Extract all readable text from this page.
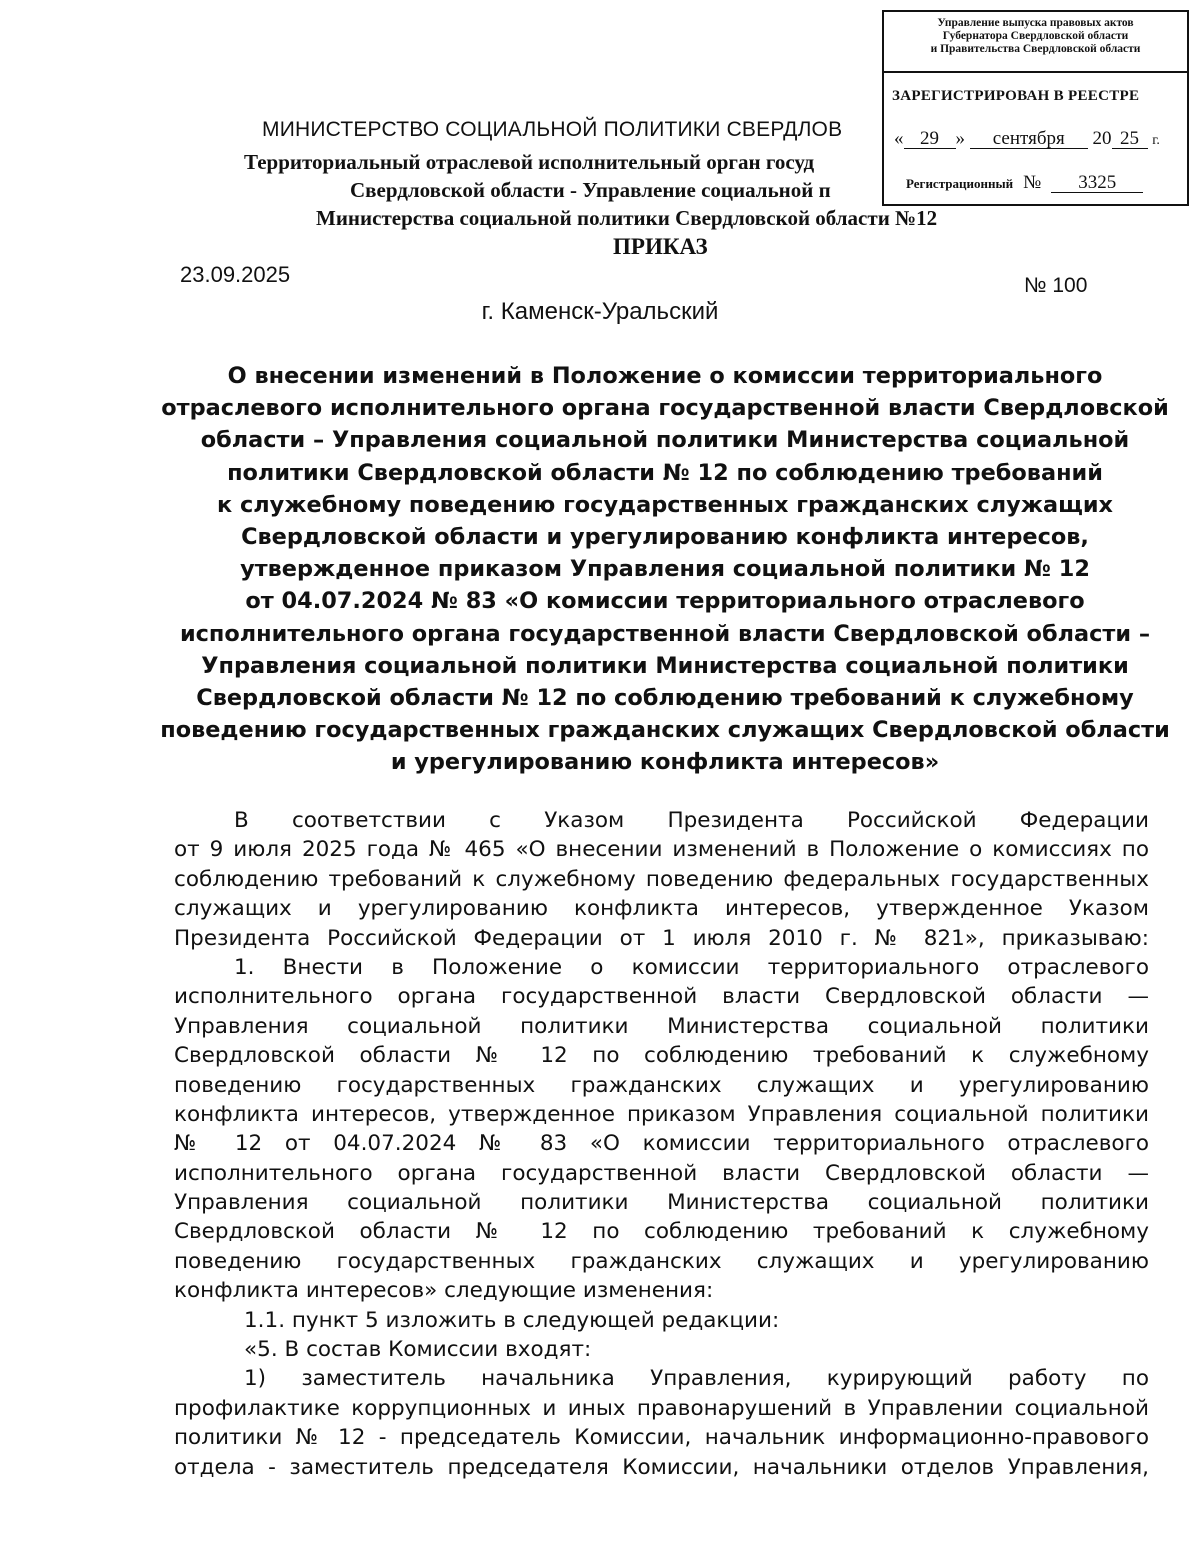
Управление выпуска правовых актов
Губернатора Свердловской области
и Правительства Свердловской области
ЗАРЕГИСТРИРОВАН В РЕЕСТРЕ
« 29 » сентября 20 25 г.
Регистрационный № 3325
МИНИСТЕРСТВО СОЦИАЛЬНОЙ ПОЛИТИКИ СВЕРДЛОВ
Территориальный отраслевой исполнительный орган госуд
Свердловской области - Управление социальной п
Министерства социальной политики Свердловской области №12
ПРИКАЗ
23.09.2025	№ 100
г. Каменск-Уральский
О внесении изменений в Положение о комиссии территориального
отраслевого исполнительного органа государственной власти Свердловской
области – Управления социальной политики Министерства социальной
политики Свердловской области № 12 по соблюдению требований
к служебному поведению государственных гражданских служащих
Свердловской области и урегулированию конфликта интересов,
утвержденное приказом Управления социальной политики № 12
от 04.07.2024 № 83 «О комиссии территориального отраслевого
исполнительного органа государственной власти Свердловской области –
Управления социальной политики Министерства социальной политики
Свердловской области № 12 по соблюдению требований к служебному
поведению государственных гражданских служащих Свердловской области
и урегулированию конфликта интересов»
В соответствии с Указом Президента Российской Федерации
от 9 июля 2025 года № 465 «О внесении изменений в Положение о комиссиях по
соблюдению требований к служебному поведению федеральных государственных
служащих и урегулированию конфликта интересов, утвержденное Указом
Президента Российской Федерации от 1 июля 2010 г. № 821», приказываю:
1. Внести в Положение о комиссии территориального отраслевого
исполнительного органа государственной власти Свердловской области —
Управления социальной политики Министерства социальной политики
Свердловской области № 12 по соблюдению требований к служебному
поведению государственных гражданских служащих и урегулированию
конфликта интересов, утвержденное приказом Управления социальной политики
№ 12 от 04.07.2024 № 83 «О комиссии территориального отраслевого
исполнительного органа государственной власти Свердловской области —
Управления социальной политики Министерства социальной политики
Свердловской области № 12 по соблюдению требований к служебному
поведению государственных гражданских служащих и урегулированию
конфликта интересов» следующие изменения:
1.1. пункт 5 изложить в следующей редакции:
«5. В состав Комиссии входят:
1) заместитель начальника Управления, курирующий работу по
профилактике коррупционных и иных правонарушений в Управлении социальной
политики № 12 - председатель Комиссии, начальник информационно-правового
отдела - заместитель председателя Комиссии, начальники отделов Управления,
